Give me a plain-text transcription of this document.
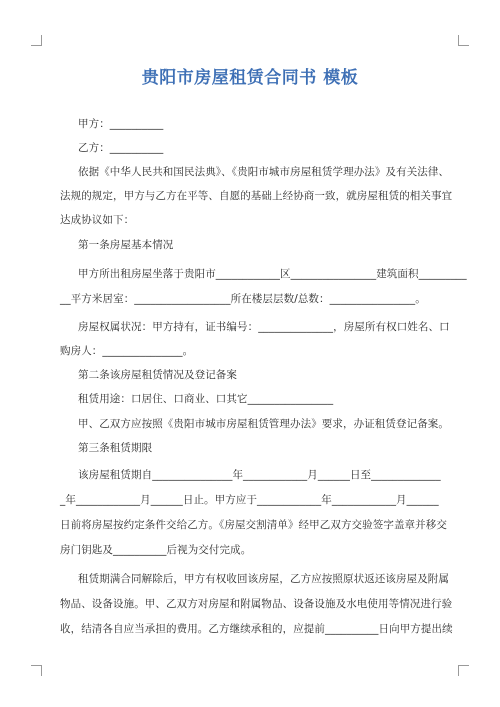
贵阳市房屋租赁合同书 模板
甲方：__________
乙方：__________
依据《中华人民共和国民法典》、《贵阳市城市房屋租赁学理办法》及有关法律、
法规的规定，甲方与乙方在平等、自愿的基础上经协商一致，就房屋租赁的相关事宜
达成协议如下：
第一条房屋基本情况
甲方所出租房屋坐落于贵阳市____________区________________建筑面积_________
__平方米居室：__________________所在楼层层数/总数：________________。
房屋权属状况：甲方持有，证书编号：______________，房屋所有权口姓名、口
购房人：_______________。
第二条该房屋租赁情况及登记备案
租赁用途：口居住、口商业、口其它________________
甲、乙双方应按照《贵阳市城市房屋租赁管理办法》要求，办证租赁登记备案。
第三条租赁期限
该房屋租赁期自_______________年____________月______日至_____________
_年____________月______日止。甲方应于____________年____________月______
日前将房屋按约定条件交给乙方。《房屋交割清单》经甲乙双方交验签字盖章并移交
房门钥匙及__________后视为交付完成。
租赁期满合同解除后，甲方有权收回该房屋，乙方应按照原状返还该房屋及附属
物品、设备设施。甲、乙双方对房屋和附属物品、设备设施及水电使用等情况进行验
收，结清各自应当承担的费用。乙方继续承租的，应提前__________日向甲方提出续
